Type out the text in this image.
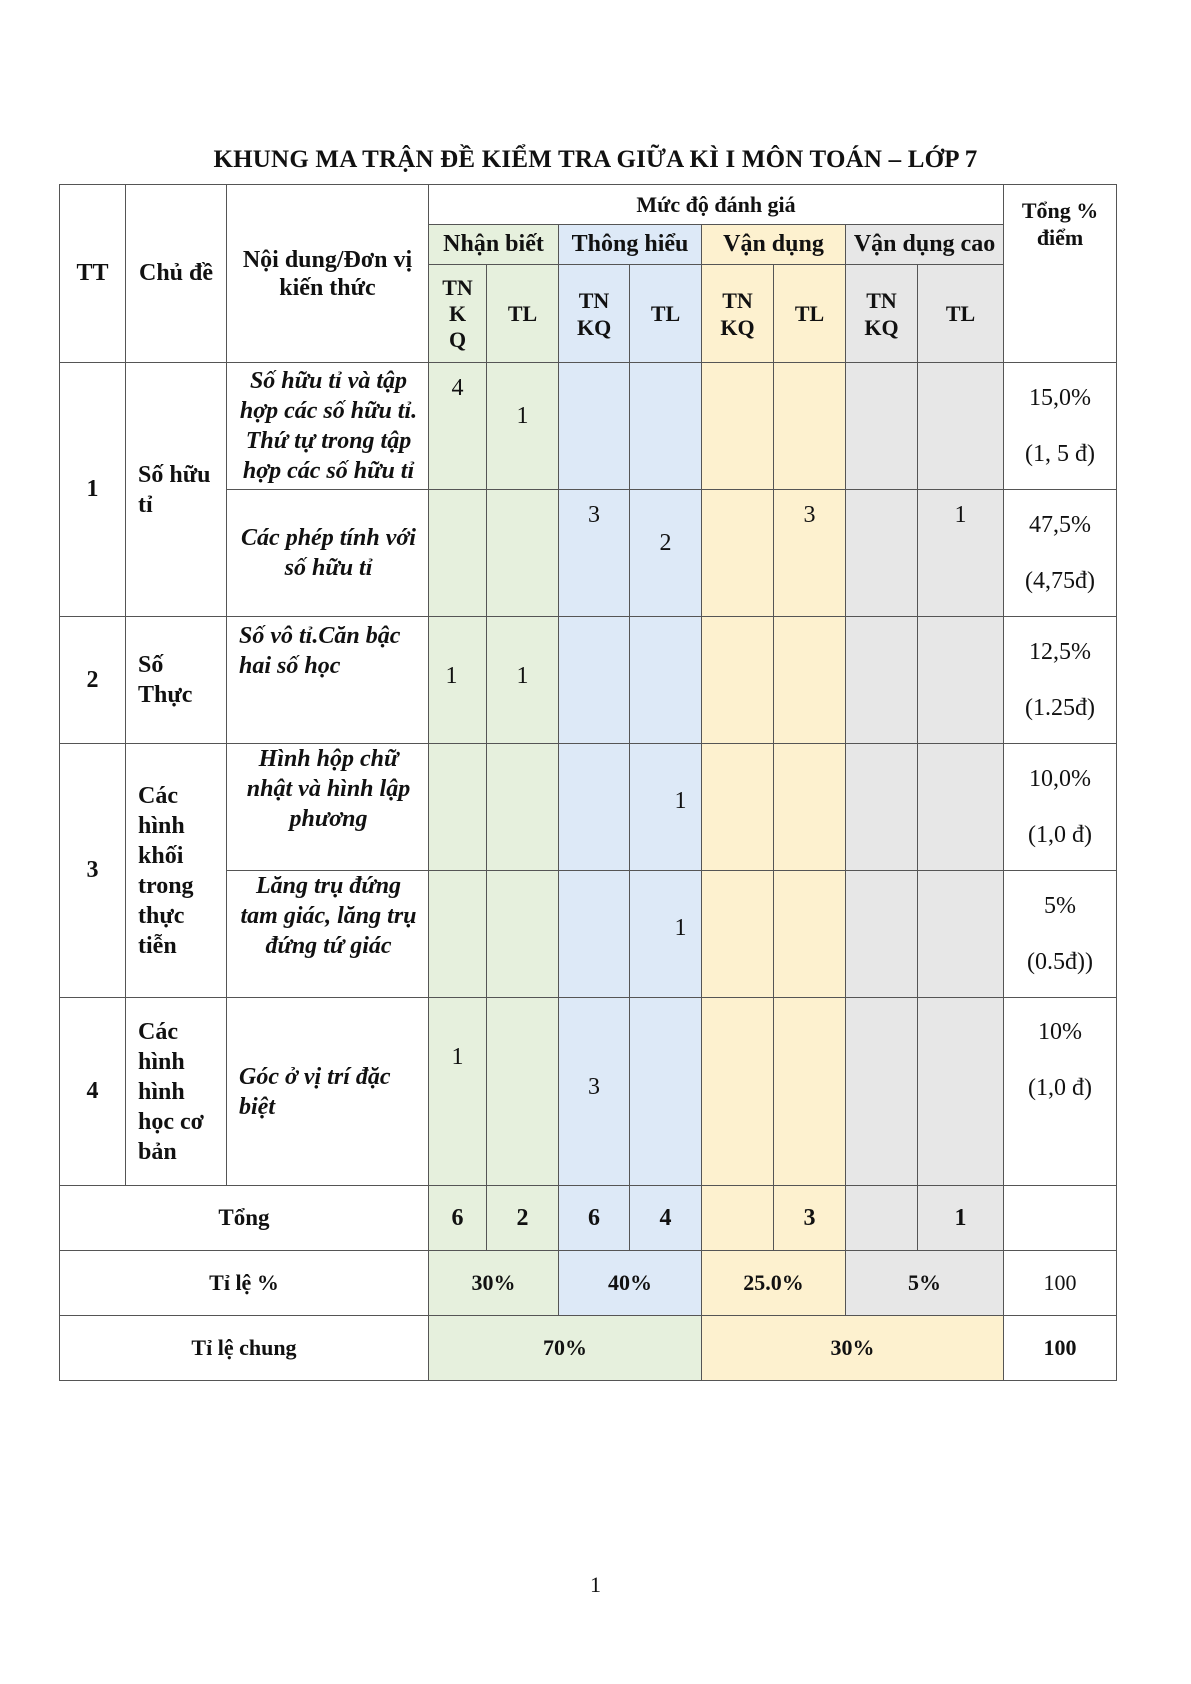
KHUNG MA TRẬN ĐỀ KIỂM TRA GIỮA KÌ I MÔN TOÁN – LỚP 7
TT	Chủ đề	Nội dung/Đơn vị kiến thức	Mức độ đánh giá								Tổng % điểm
			Nhận biết		Thông hiểu		Vận dụng		Vận dụng cao		
			TN K Q	TL	TN KQ	TL	TN KQ	TL	TN KQ	TL	
1	Số hữu tỉ	Số hữu tỉ và tập hợp các số hữu tỉ. Thứ tự trong tập hợp các số hữu tỉ	4	1							15,0%
(1, 5 đ)

		Các phép tính với số hữu tỉ			3	2		3		1	47,5%
(4,75đ)

2	Số Thực	Số vô tỉ.Căn bậc hai số học	1	1							12,5%
(1.25đ)

3	Các hình khối trong thực tiễn	Hình hộp chữ nhật và hình lập phương				1					10,0%
(1,0 đ)

		Lăng trụ đứng tam giác, lăng trụ đứng tứ giác				1					5%
(0.5đ))

4	Các hình hình học cơ bản	Góc ở vị trí đặc biệt	1		3						10%
(1,0 đ)

Tổng			6	2	6	4		3		1	
Tỉ lệ %			30%		40%		25.0%		5%		100
Tỉ lệ chung			70%				30%				100
1
